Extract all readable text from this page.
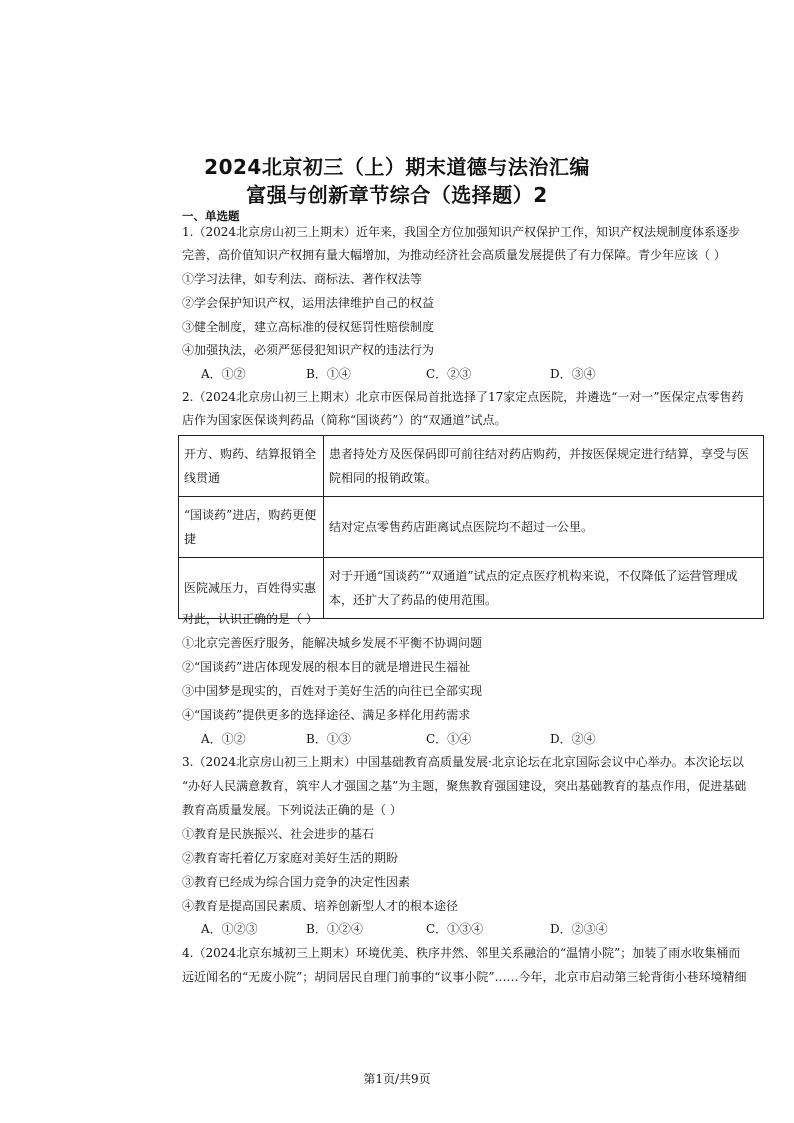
2024北京初三（上）期末道德与法治汇编
富强与创新章节综合（选择题）2
一、单选题
1.（2024北京房山初三上期末）近年来，我国全方位加强知识产权保护工作，知识产权法规制度体系逐步
完善，高价值知识产权拥有量大幅增加，为推动经济社会高质量发展提供了有力保障。青少年应该（ ）
①学习法律，如专利法、商标法、著作权法等
②学会保护知识产权，运用法律维护自己的权益
③健全制度，建立高标准的侵权惩罚性赔偿制度
④加强执法，必须严惩侵犯知识产权的违法行为
A．①②	B．①④	C．②③	D．③④
2.（2024北京房山初三上期末）北京市医保局首批选择了17家定点医院，并遴选“一对一”医保定点零售药
店作为国家医保谈判药品（简称“国谈药”）的“双通道”试点。
开方、购药、结算报销全线贯通	患者持处方及医保码即可前往结对药店购药，并按医保规定进行结算，享受与医院相同的报销政策。
“国谈药”进店，购药更便捷	结对定点零售药店距离试点医院均不超过一公里。
医院减压力，百姓得实惠	对于开通“国谈药”“双通道”试点的定点医疗机构来说，不仅降低了运营管理成本，还扩大了药品的使用范围。
对此，认识正确的是（ ）
①北京完善医疗服务，能解决城乡发展不平衡不协调问题
②“国谈药”进店体现发展的根本目的就是增进民生福祉
③中国梦是现实的，百姓对于美好生活的向往已全部实现
④“国谈药”提供更多的选择途径、满足多样化用药需求
A．①②	B．①③	C．①④	D．②④
3.（2024北京房山初三上期末）中国基础教育高质量发展·北京论坛在北京国际会议中心举办。本次论坛以
“办好人民满意教育，筑牢人才强国之基”为主题，聚焦教育强国建设，突出基础教育的基点作用，促进基础
教育高质量发展。下列说法正确的是（ ）
①教育是民族振兴、社会进步的基石
②教育寄托着亿万家庭对美好生活的期盼
③教育已经成为综合国力竞争的决定性因素
④教育是提高国民素质、培养创新型人才的根本途径
A．①②③	B．①②④	C．①③④	D．②③④
4.（2024北京东城初三上期末）环境优美、秩序井然、邻里关系融洽的“温情小院”；加装了雨水收集桶而
远近闻名的“无废小院”；胡同居民自理门前事的“议事小院”……今年，北京市启动第三轮背街小巷环境精细
第1页/共9页
